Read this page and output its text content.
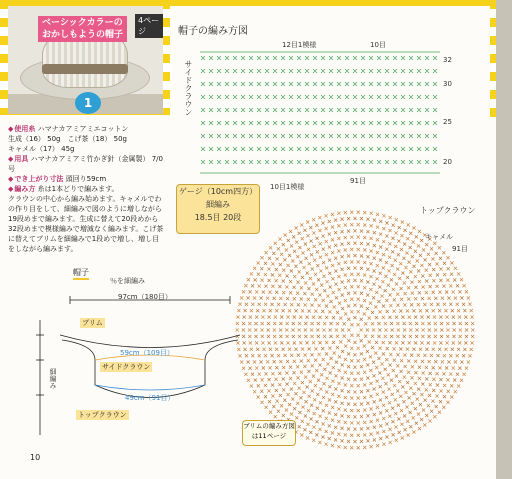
ベーシックカラーの
おかしもようの帽子
4ページ
1
◆ 使用糸 ハマナカアミアミエコットン
生成（16） 50g　こげ茶（18） 50g
キャメル（17） 45g
◆ 用具 ハマナカアミアミ竹かぎ針（金属製） 7/0号
◆ でき上がり寸法 頭回り59cm
◆ 編み方 糸は1本どりで編みます。
クラウンの中心から編み始めます。キャメルでわの作り目をして、細編みで図のように増しながら19段めまで編みます。生成に替えて20段めから32段めまで模様編みで増減なく編みます。こげ茶に替えてブリムを細編みで1段めで増し、増し目をしながら編みます。
帽子の編み方図
12目1模様	10目
サイドクラウン
10目1模様
91目
32
30
25
20
ゲージ（10cm四方）
細編み
18.5目 20段
トップクラウン
キャメル
91目
帽子
％を細編み
97cm（180目）
ブリム
59cm（109目）
サイドクラウン
49cm（91目）
トップクラウン
細編み
ブリムの編み方図
は11ページ
10
